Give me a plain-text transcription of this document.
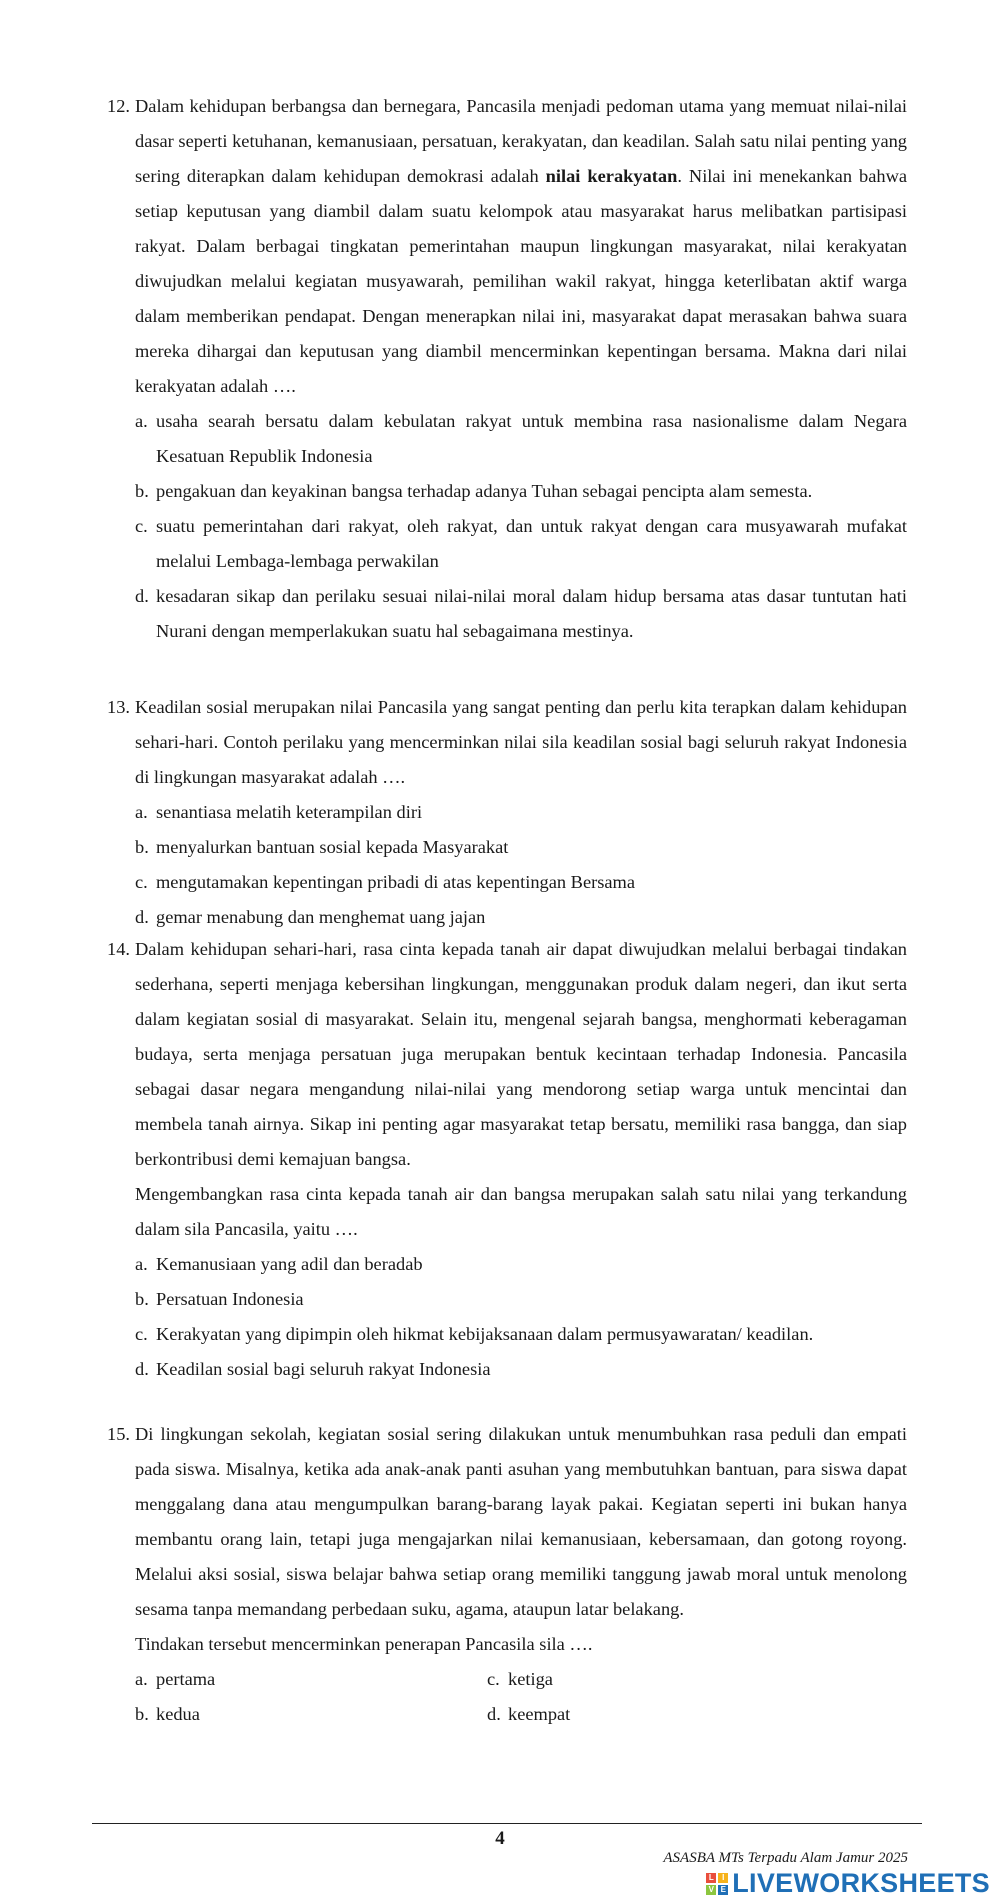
12. Dalam kehidupan berbangsa dan bernegara, Pancasila menjadi pedoman utama yang memuat nilai-nilai dasar seperti ketuhanan, kemanusiaan, persatuan, kerakyatan, dan keadilan. Salah satu nilai penting yang sering diterapkan dalam kehidupan demokrasi adalah nilai kerakyatan. Nilai ini menekankan bahwa setiap keputusan yang diambil dalam suatu kelompok atau masyarakat harus melibatkan partisipasi rakyat. Dalam berbagai tingkatan pemerintahan maupun lingkungan masyarakat, nilai kerakyatan diwujudkan melalui kegiatan musyawarah, pemilihan wakil rakyat, hingga keterlibatan aktif warga dalam memberikan pendapat. Dengan menerapkan nilai ini, masyarakat dapat merasakan bahwa suara mereka dihargai dan keputusan yang diambil mencerminkan kepentingan bersama. Makna dari nilai kerakyatan adalah ….

a. usaha searah bersatu dalam kebulatan rakyat untuk membina rasa nasionalisme dalam Negara Kesatuan Republik Indonesia
b. pengakuan dan keyakinan bangsa terhadap adanya Tuhan sebagai pencipta alam semesta.
c. suatu pemerintahan dari rakyat, oleh rakyat, dan untuk rakyat dengan cara musyawarah mufakat melalui Lembaga-lembaga perwakilan
d. kesadaran sikap dan perilaku sesuai nilai-nilai moral dalam hidup bersama atas dasar tuntutan hati Nurani dengan memperlakukan suatu hal sebagaimana mestinya.
13. Keadilan sosial merupakan nilai Pancasila yang sangat penting dan perlu kita terapkan dalam kehidupan sehari-hari. Contoh perilaku yang mencerminkan nilai sila keadilan sosial bagi seluruh rakyat Indonesia di lingkungan masyarakat adalah ….

a. senantiasa melatih keterampilan diri
b. menyalurkan bantuan sosial kepada Masyarakat
c. mengutamakan kepentingan pribadi di atas kepentingan Bersama
d. gemar menabung dan menghemat uang jajan
14. Dalam kehidupan sehari-hari, rasa cinta kepada tanah air dapat diwujudkan melalui berbagai tindakan sederhana, seperti menjaga kebersihan lingkungan, menggunakan produk dalam negeri, dan ikut serta dalam kegiatan sosial di masyarakat. Selain itu, mengenal sejarah bangsa, menghormati keberagaman budaya, serta menjaga persatuan juga merupakan bentuk kecintaan terhadap Indonesia. Pancasila sebagai dasar negara mengandung nilai-nilai yang mendorong setiap warga untuk mencintai dan membela tanah airnya. Sikap ini penting agar masyarakat tetap bersatu, memiliki rasa bangga, dan siap berkontribusi demi kemajuan bangsa.

Mengembangkan rasa cinta kepada tanah air dan bangsa merupakan salah satu nilai yang terkandung dalam sila Pancasila, yaitu ….

a. Kemanusiaan yang adil dan beradab
b. Persatuan Indonesia
c. Kerakyatan yang dipimpin oleh hikmat kebijaksanaan dalam permusyawaratan/ keadilan.
d. Keadilan sosial bagi seluruh rakyat Indonesia
15. Di lingkungan sekolah, kegiatan sosial sering dilakukan untuk menumbuhkan rasa peduli dan empati pada siswa. Misalnya, ketika ada anak-anak panti asuhan yang membutuhkan bantuan, para siswa dapat menggalang dana atau mengumpulkan barang-barang layak pakai. Kegiatan seperti ini bukan hanya membantu orang lain, tetapi juga mengajarkan nilai kemanusiaan, kebersamaan, dan gotong royong. Melalui aksi sosial, siswa belajar bahwa setiap orang memiliki tanggung jawab moral untuk menolong sesama tanpa memandang perbedaan suku, agama, ataupun latar belakang.

Tindakan tersebut mencerminkan penerapan Pancasila sila ….

a. pertama	c. ketiga
b. kedua	d. keempat
4
ASASBA MTs Terpadu Alam Jamur 2025
L	I
V E LIVEWORKSHEETS
